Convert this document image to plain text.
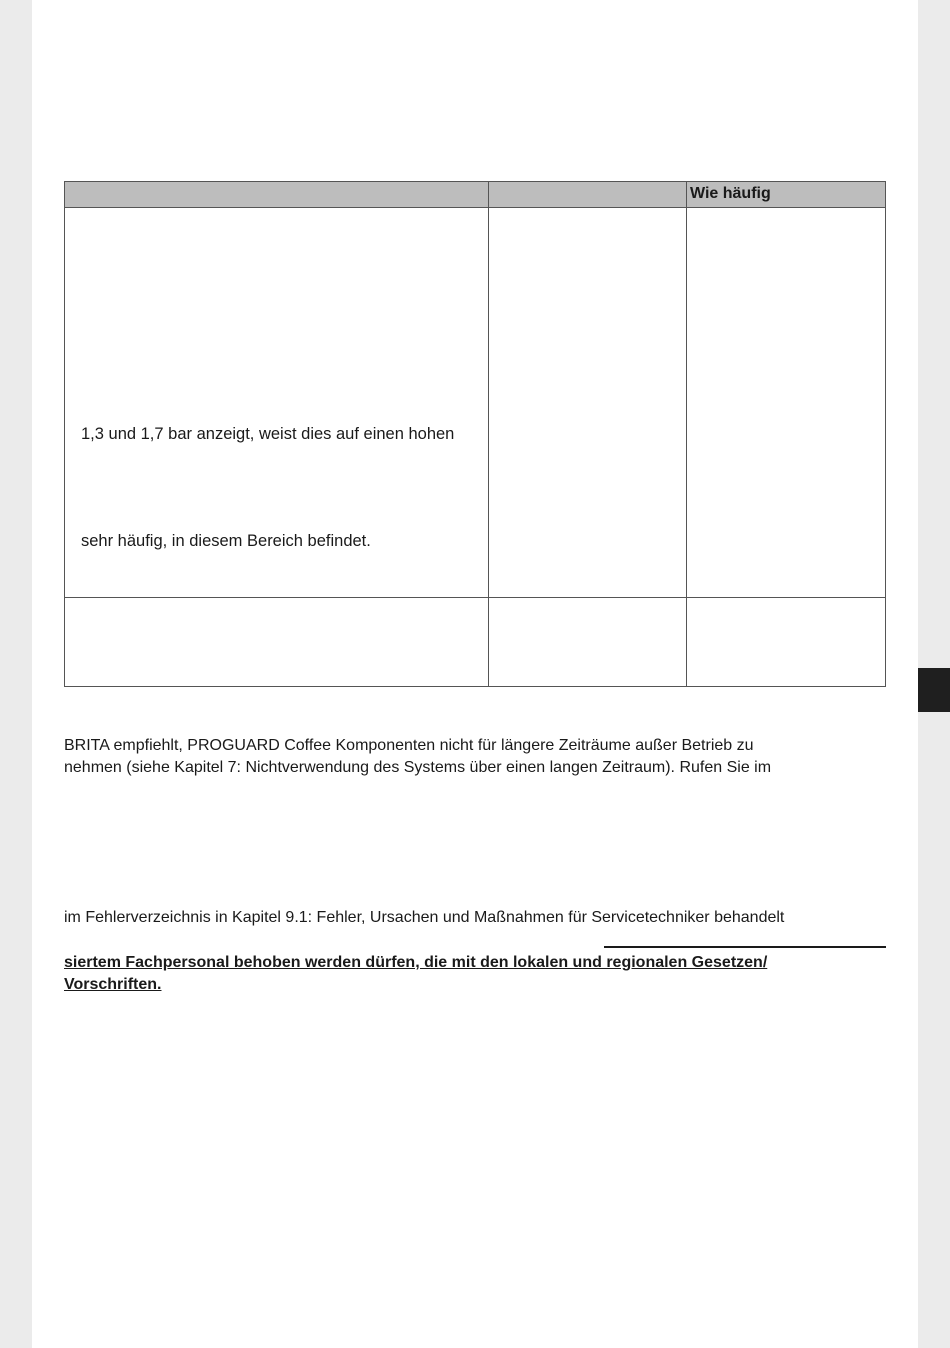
Wie häufig
1,3 und 1,7 bar anzeigt, weist dies auf einen hohen
sehr häufig, in diesem Bereich befindet.
BRITA empfiehlt, PROGUARD Coffee Komponenten nicht für längere Zeiträume außer Betrieb zu
nehmen (siehe Kapitel 7: Nichtverwendung des Systems über einen langen Zeitraum). Rufen Sie im
im Fehlerverzeichnis in Kapitel 9.1: Fehler, Ursachen und Maßnahmen für Servicetechniker behandelt
siertem Fachpersonal behoben werden dürfen, die mit den lokalen und regionalen Gesetzen/
Vorschriften.
